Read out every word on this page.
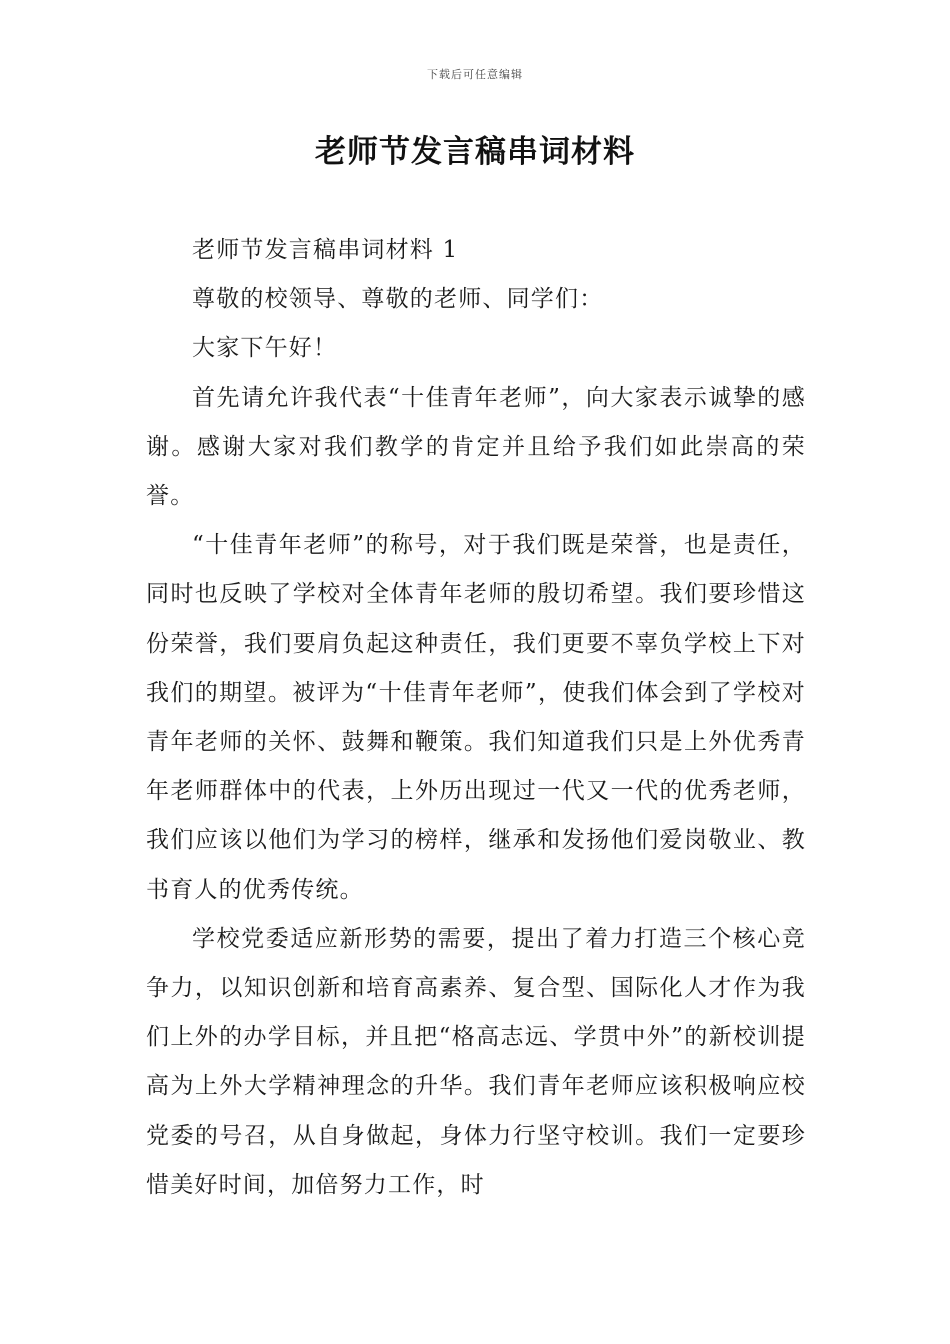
下载后可任意编辑
老师节发言稿串词材料

老师节发言稿串词材料 1

尊敬的校领导、尊敬的老师、同学们：

大家下午好！

首先请允许我代表“十佳青年老师”，向大家表示诚挚的感谢。感谢大家对我们教学的肯定并且给予我们如此崇高的荣誉。

“十佳青年老师”的称号，对于我们既是荣誉，也是责任，同时也反映了学校对全体青年老师的殷切希望。我们要珍惜这份荣誉，我们要肩负起这种责任，我们更要不辜负学校上下对我们的期望。被评为“十佳青年老师”，使我们体会到了学校对青年老师的关怀、鼓舞和鞭策。我们知道我们只是上外优秀青年老师群体中的代表，上外历出现过一代又一代的优秀老师，我们应该以他们为学习的榜样，继承和发扬他们爱岗敬业、教书育人的优秀传统。

学校党委适应新形势的需要，提出了着力打造三个核心竞争力，以知识创新和培育高素养、复合型、国际化人才作为我们上外的办学目标，并且把“格高志远、学贯中外”的新校训提高为上外大学精神理念的升华。我们青年老师应该积极响应校党委的号召，从自身做起，身体力行坚守校训。我们一定要珍惜美好时间，加倍努力工作，时
